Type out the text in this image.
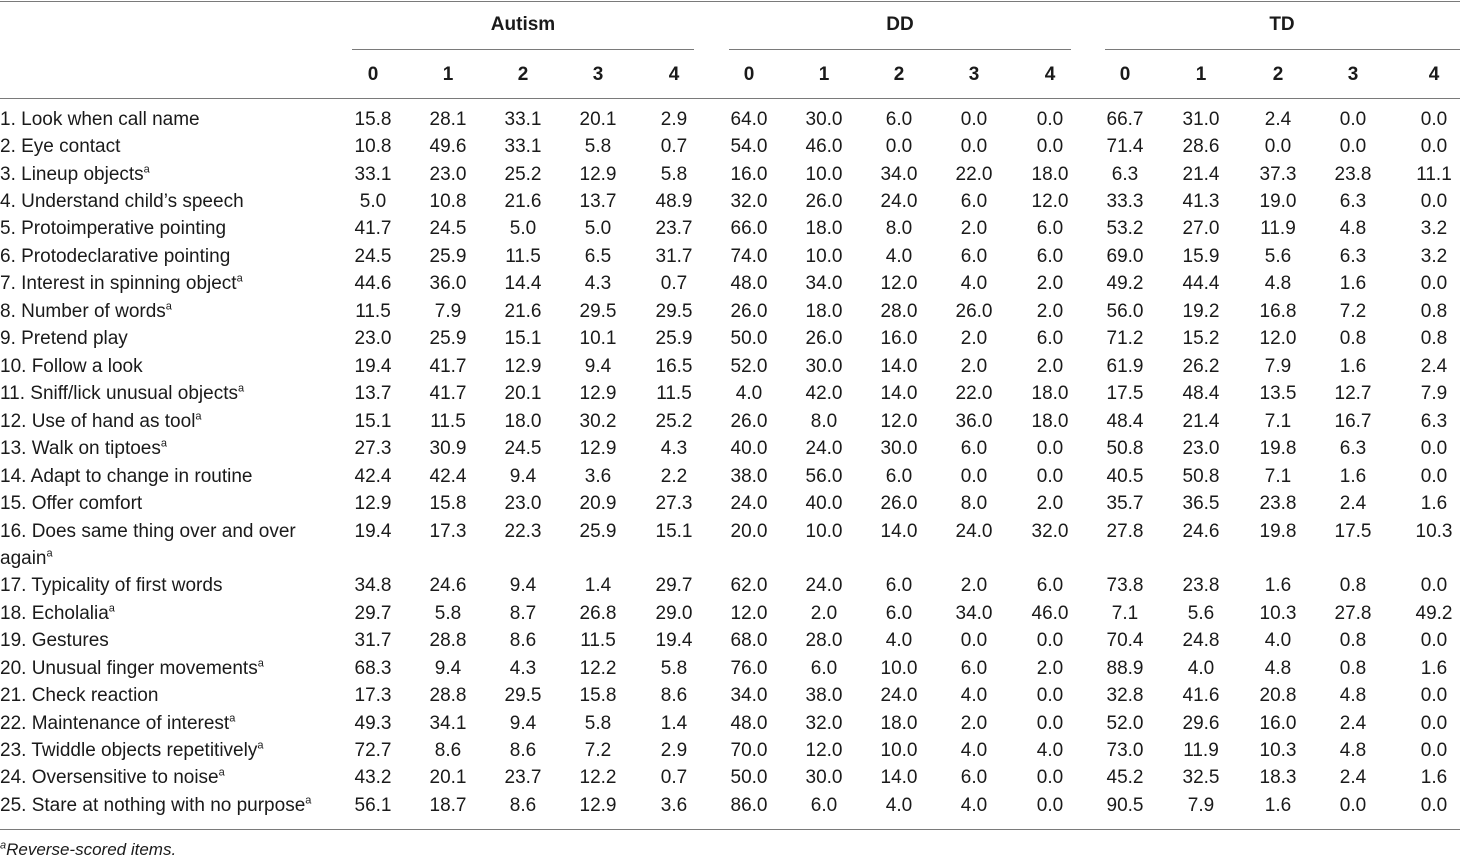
Autism	DD	TD
0	1	2	3	4	0	1	2	3	4	0	1	2	3	4
1. Look when call name	15.8	28.1	33.1	20.1	2.9	64.0	30.0	6.0	0.0	0.0	66.7	31.0	2.4	0.0	0.0
2. Eye contact	10.8	49.6	33.1	5.8	0.7	54.0	46.0	0.0	0.0	0.0	71.4	28.6	0.0	0.0	0.0
3. Lineup objects$^a$	33.1	23.0	25.2	12.9	5.8	16.0	10.0	34.0	22.0	18.0	6.3	21.4	37.3	23.8	11.1
4. Understand child’s speech	5.0	10.8	21.6	13.7	48.9	32.0	26.0	24.0	6.0	12.0	33.3	41.3	19.0	6.3	0.0
5. Protoimperative pointing	41.7	24.5	5.0	5.0	23.7	66.0	18.0	8.0	2.0	6.0	53.2	27.0	11.9	4.8	3.2
6. Protodeclarative pointing	24.5	25.9	11.5	6.5	31.7	74.0	10.0	4.0	6.0	6.0	69.0	15.9	5.6	6.3	3.2
7. Interest in spinning object$^a$	44.6	36.0	14.4	4.3	0.7	48.0	34.0	12.0	4.0	2.0	49.2	44.4	4.8	1.6	0.0
8. Number of words$^a$	11.5	7.9	21.6	29.5	29.5	26.0	18.0	28.0	26.0	2.0	56.0	19.2	16.8	7.2	0.8
9. Pretend play	23.0	25.9	15.1	10.1	25.9	50.0	26.0	16.0	2.0	6.0	71.2	15.2	12.0	0.8	0.8
10. Follow a look	19.4	41.7	12.9	9.4	16.5	52.0	30.0	14.0	2.0	2.0	61.9	26.2	7.9	1.6	2.4
11. Sniff/lick unusual objects$^a$	13.7	41.7	20.1	12.9	11.5	4.0	42.0	14.0	22.0	18.0	17.5	48.4	13.5	12.7	7.9
12. Use of hand as tool$^a$	15.1	11.5	18.0	30.2	25.2	26.0	8.0	12.0	36.0	18.0	48.4	21.4	7.1	16.7	6.3
13. Walk on tiptoes$^a$	27.3	30.9	24.5	12.9	4.3	40.0	24.0	30.0	6.0	0.0	50.8	23.0	19.8	6.3	0.0
14. Adapt to change in routine	42.4	42.4	9.4	3.6	2.2	38.0	56.0	6.0	0.0	0.0	40.5	50.8	7.1	1.6	0.0
15. Offer comfort	12.9	15.8	23.0	20.9	27.3	24.0	40.0	26.0	8.0	2.0	35.7	36.5	23.8	2.4	1.6
16. Does same thing over and over again$^a$
19.4	17.3	22.3	25.9	15.1	20.0	10.0	14.0	24.0	32.0	27.8	24.6	19.8	17.5	10.3
17. Typicality of first words	34.8	24.6	9.4	1.4	29.7	62.0	24.0	6.0	2.0	6.0	73.8	23.8	1.6	0.8	0.0
18. Echolalia$^a$	29.7	5.8	8.7	26.8	29.0	12.0	2.0	6.0	34.0	46.0	7.1	5.6	10.3	27.8	49.2
19. Gestures	31.7	28.8	8.6	11.5	19.4	68.0	28.0	4.0	0.0	0.0	70.4	24.8	4.0	0.8	0.0
20. Unusual finger movements$^a$	68.3	9.4	4.3	12.2	5.8	76.0	6.0	10.0	6.0	2.0	88.9	4.0	4.8	0.8	1.6
21. Check reaction	17.3	28.8	29.5	15.8	8.6	34.0	38.0	24.0	4.0	0.0	32.8	41.6	20.8	4.8	0.0
22. Maintenance of interest$^a$	49.3	34.1	9.4	5.8	1.4	48.0	32.0	18.0	2.0	0.0	52.0	29.6	16.0	2.4	0.0
23. Twiddle objects repetitively$^a$	72.7	8.6	8.6	7.2	2.9	70.0	12.0	10.0	4.0	4.0	73.0	11.9	10.3	4.8	0.0
24. Oversensitive to noise$^a$	43.2	20.1	23.7	12.2	0.7	50.0	30.0	14.0	6.0	0.0	45.2	32.5	18.3	2.4	1.6
25. Stare at nothing with no purpose$^a$	56.1	18.7	8.6	12.9	3.6	86.0	6.0	4.0	4.0	0.0	90.5	7.9	1.6	0.0	0.0
$^a$Reverse-scored items.
